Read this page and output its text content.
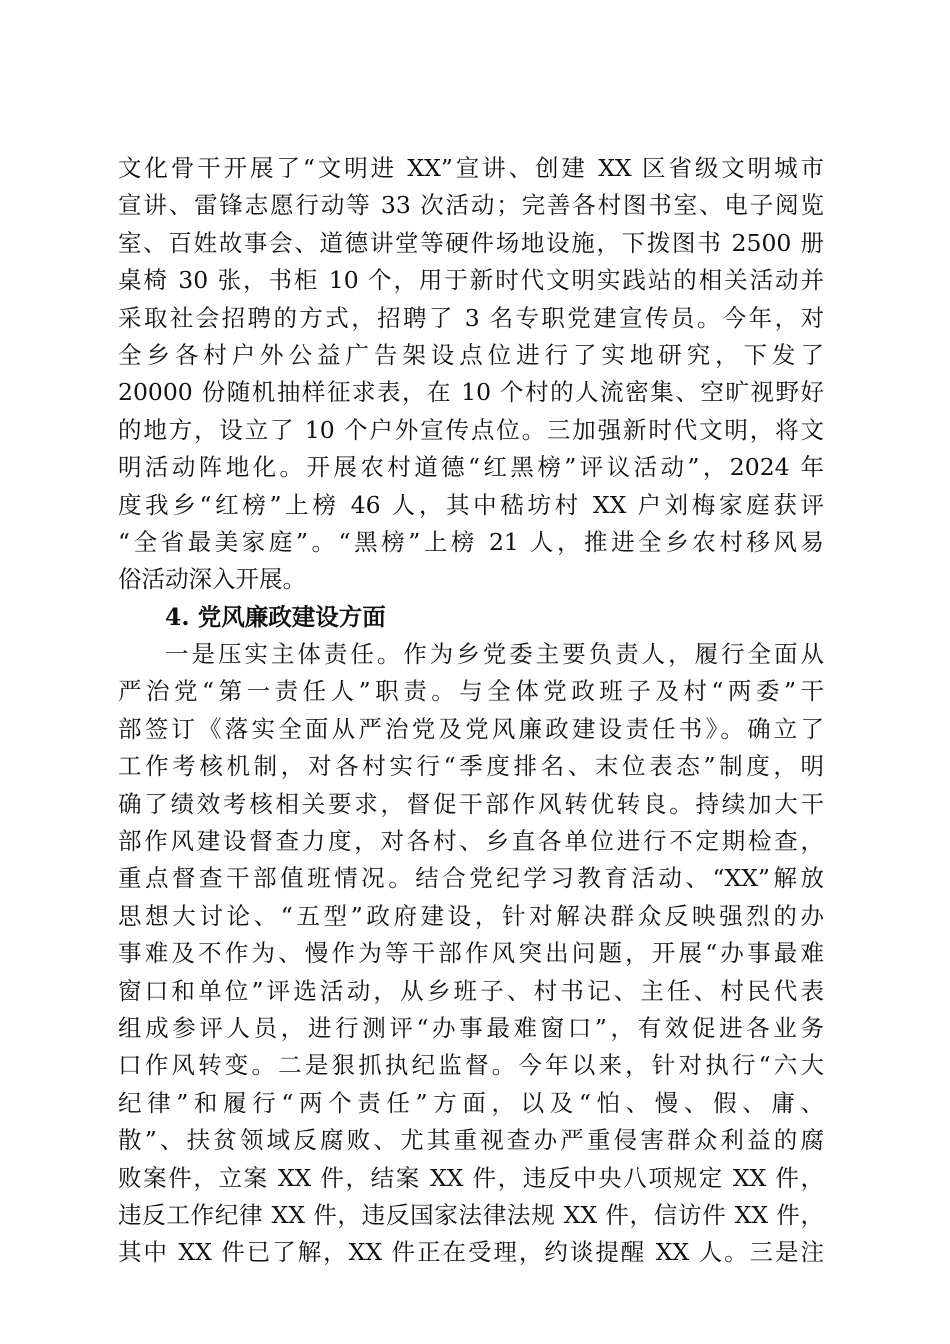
文化骨干开展了“文明进 XX”宣讲、创建 XX 区省级文明城市
宣讲、雷锋志愿行动等 33 次活动；完善各村图书室、电子阅览
室、百姓故事会、道德讲堂等硬件场地设施，下拨图书 2500 册
桌椅 30 张，书柜 10 个，用于新时代文明实践站的相关活动并
采取社会招聘的方式，招聘了 3 名专职党建宣传员。今年，对
全乡各村户外公益广告架设点位进行了实地研究，下发了
20000 份随机抽样征求表，在 10 个村的人流密集、空旷视野好
的地方，设立了 10 个户外宣传点位。三加强新时代文明，将文
明活动阵地化。开展农村道德“红黑榜”评议活动”，2024 年
度我乡“红榜”上榜 46 人，其中嵇坊村 XX 户刘梅家庭获评
“全省最美家庭”。“黑榜”上榜 21 人，推进全乡农村移风易
俗活动深入开展。
4. 党风廉政建设方面
一是压实主体责任。作为乡党委主要负责人，履行全面从
严治党“第一责任人”职责。与全体党政班子及村“两委”干
部签订《落实全面从严治党及党风廉政建设责任书》。确立了
工作考核机制，对各村实行“季度排名、末位表态”制度，明
确了绩效考核相关要求，督促干部作风转优转良。持续加大干
部作风建设督查力度，对各村、乡直各单位进行不定期检查，
重点督查干部值班情况。结合党纪学习教育活动、“XX”解放
思想大讨论、“五型”政府建设，针对解决群众反映强烈的办
事难及不作为、慢作为等干部作风突出问题，开展“办事最难
窗口和单位”评选活动，从乡班子、村书记、主任、村民代表
组成参评人员，进行测评“办事最难窗口”，有效促进各业务
口作风转变。二是狠抓执纪监督。今年以来，针对执行“六大
纪律”和履行“两个责任”方面，以及“怕、慢、假、庸、
散”、扶贫领域反腐败、尤其重视查办严重侵害群众利益的腐
败案件，立案 XX 件，结案 XX 件，违反中央八项规定 XX 件，
违反工作纪律 XX 件，违反国家法律法规 XX 件，信访件 XX 件，
其中 XX 件已了解，XX 件正在受理，约谈提醒 XX 人。三是注
